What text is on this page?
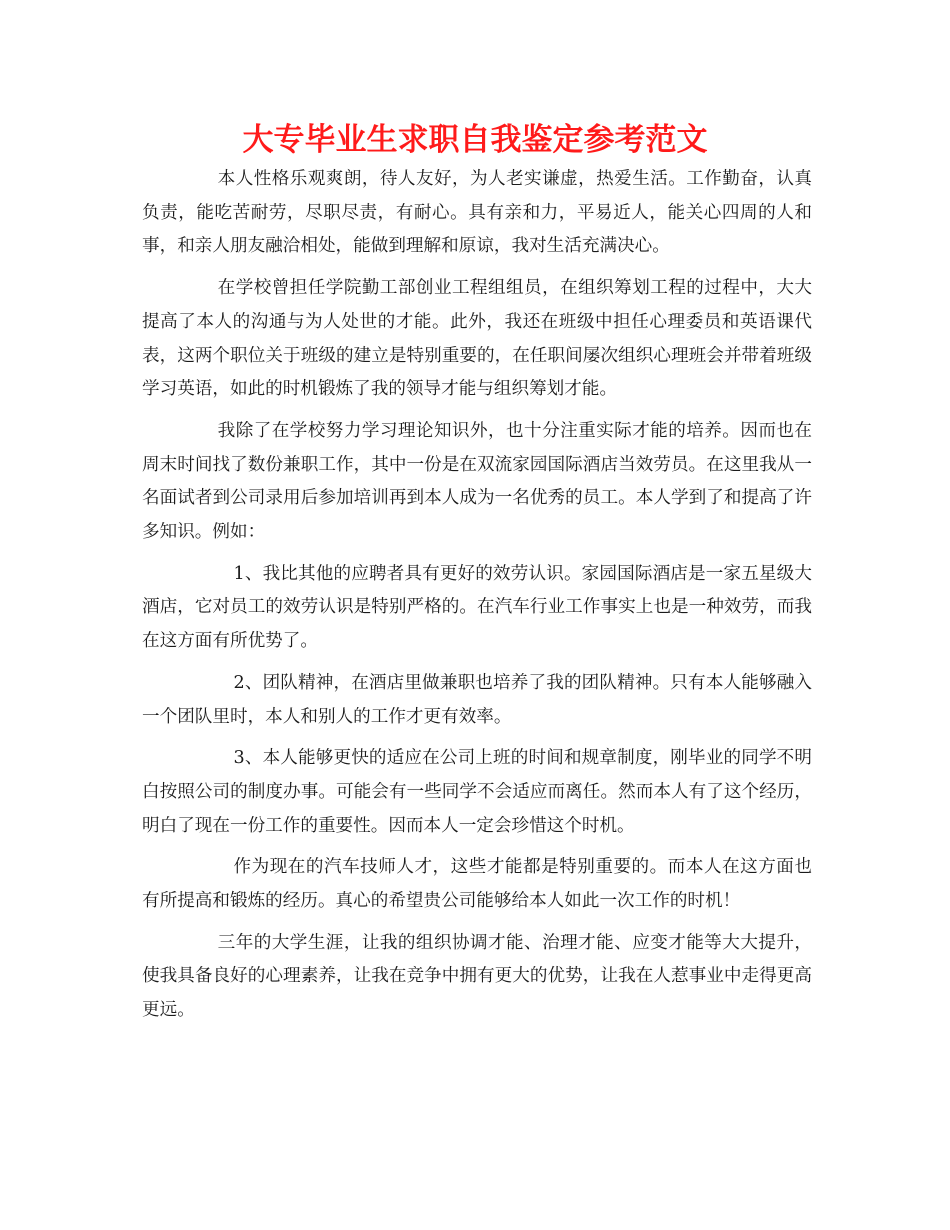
大专毕业生求职自我鉴定参考范文

本人性格乐观爽朗，待人友好，为人老实谦虚，热爱生活。工作勤奋，认真负责，能吃苦耐劳，尽职尽责，有耐心。具有亲和力，平易近人，能关心四周的人和事，和亲人朋友融洽相处，能做到理解和原谅，我对生活充满决心。

在学校曾担任学院勤工部创业工程组组员，在组织筹划工程的过程中，大大提高了本人的沟通与为人处世的才能。此外，我还在班级中担任心理委员和英语课代表，这两个职位关于班级的建立是特别重要的，在任职间屡次组织心理班会并带着班级学习英语，如此的时机锻炼了我的领导才能与组织筹划才能。

我除了在学校努力学习理论知识外，也十分注重实际才能的培养。因而也在周末时间找了数份兼职工作，其中一份是在双流家园国际酒店当效劳员。在这里我从一名面试者到公司录用后参加培训再到本人成为一名优秀的员工。本人学到了和提高了许多知识。例如：

1、我比其他的应聘者具有更好的效劳认识。家园国际酒店是一家五星级大酒店，它对员工的效劳认识是特别严格的。在汽车行业工作事实上也是一种效劳，而我在这方面有所优势了。

2、团队精神，在酒店里做兼职也培养了我的团队精神。只有本人能够融入一个团队里时，本人和别人的工作才更有效率。

3、本人能够更快的适应在公司上班的时间和规章制度，刚毕业的同学不明白按照公司的制度办事。可能会有一些同学不会适应而离任。然而本人有了这个经历，明白了现在一份工作的重要性。因而本人一定会珍惜这个时机。

作为现在的汽车技师人才，这些才能都是特别重要的。而本人在这方面也有所提高和锻炼的经历。真心的希望贵公司能够给本人如此一次工作的时机！

三年的大学生涯，让我的组织协调才能、治理才能、应变才能等大大提升，使我具备良好的心理素养，让我在竞争中拥有更大的优势，让我在人惹事业中走得更高更远。
